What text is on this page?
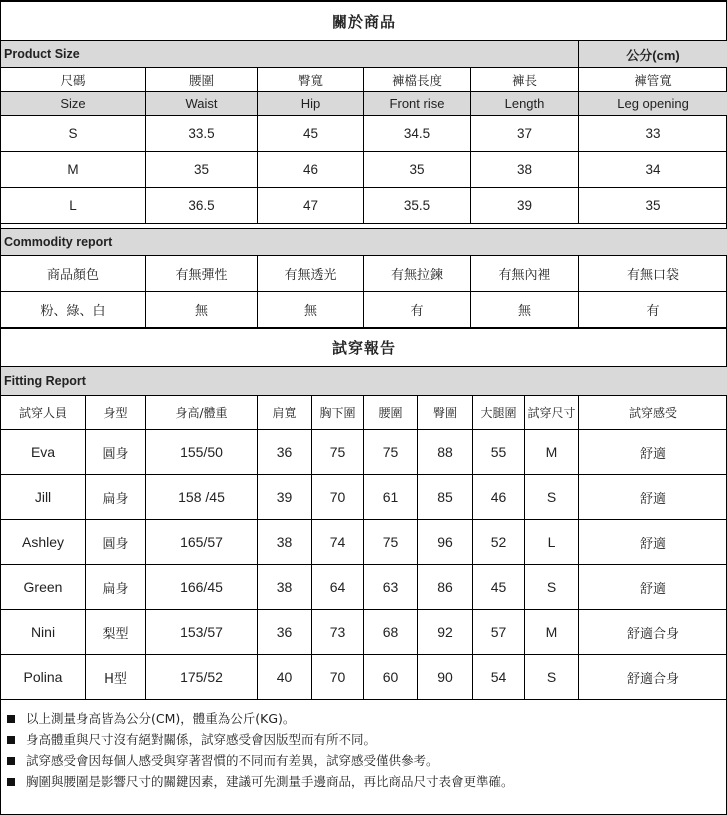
關於商品					
Product Size					公分(cm)
尺碼	腰圍	臀寬	褲檔長度	褲長	褲管寬
Size	Waist	Hip	Front rise	Length	Leg opening
S	33.5	45	34.5	37	33
M	35	46	35	38	34
L	36.5	47	35.5	39	35

Commodity report					
商品顏色	有無彈性	有無透光	有無拉鍊	有無內裡	有無口袋
粉、綠、白	無	無	有	無	有
試穿報告									
Fitting Report									
試穿人員	身型	身高/體重	肩寬	胸下圍	腰圍	臀圍	大腿圍	試穿尺寸	試穿感受
Eva	圓身	155/50	36	75	75	88	55	M	舒適
Jill	扁身	158 /45	39	70	61	85	46	S	舒適
Ashley	圓身	165/57	38	74	75	96	52	L	舒適
Green	扁身	166/45	38	64	63	86	45	S	舒適
Nini	梨型	153/57	36	73	68	92	57	M	舒適合身
Polina	H型	175/52	40	70	60	90	54	S	舒適合身
以上測量身高皆為公分(CM)，體重為公斤(KG)。
身高體重與尺寸沒有絕對關係，試穿感受會因版型而有所不同。
試穿感受會因每個人感受與穿著習慣的不同而有差異，試穿感受僅供參考。
胸圍與腰圍是影響尺寸的關鍵因素，建議可先測量手邊商品，再比商品尺寸表會更準確。
